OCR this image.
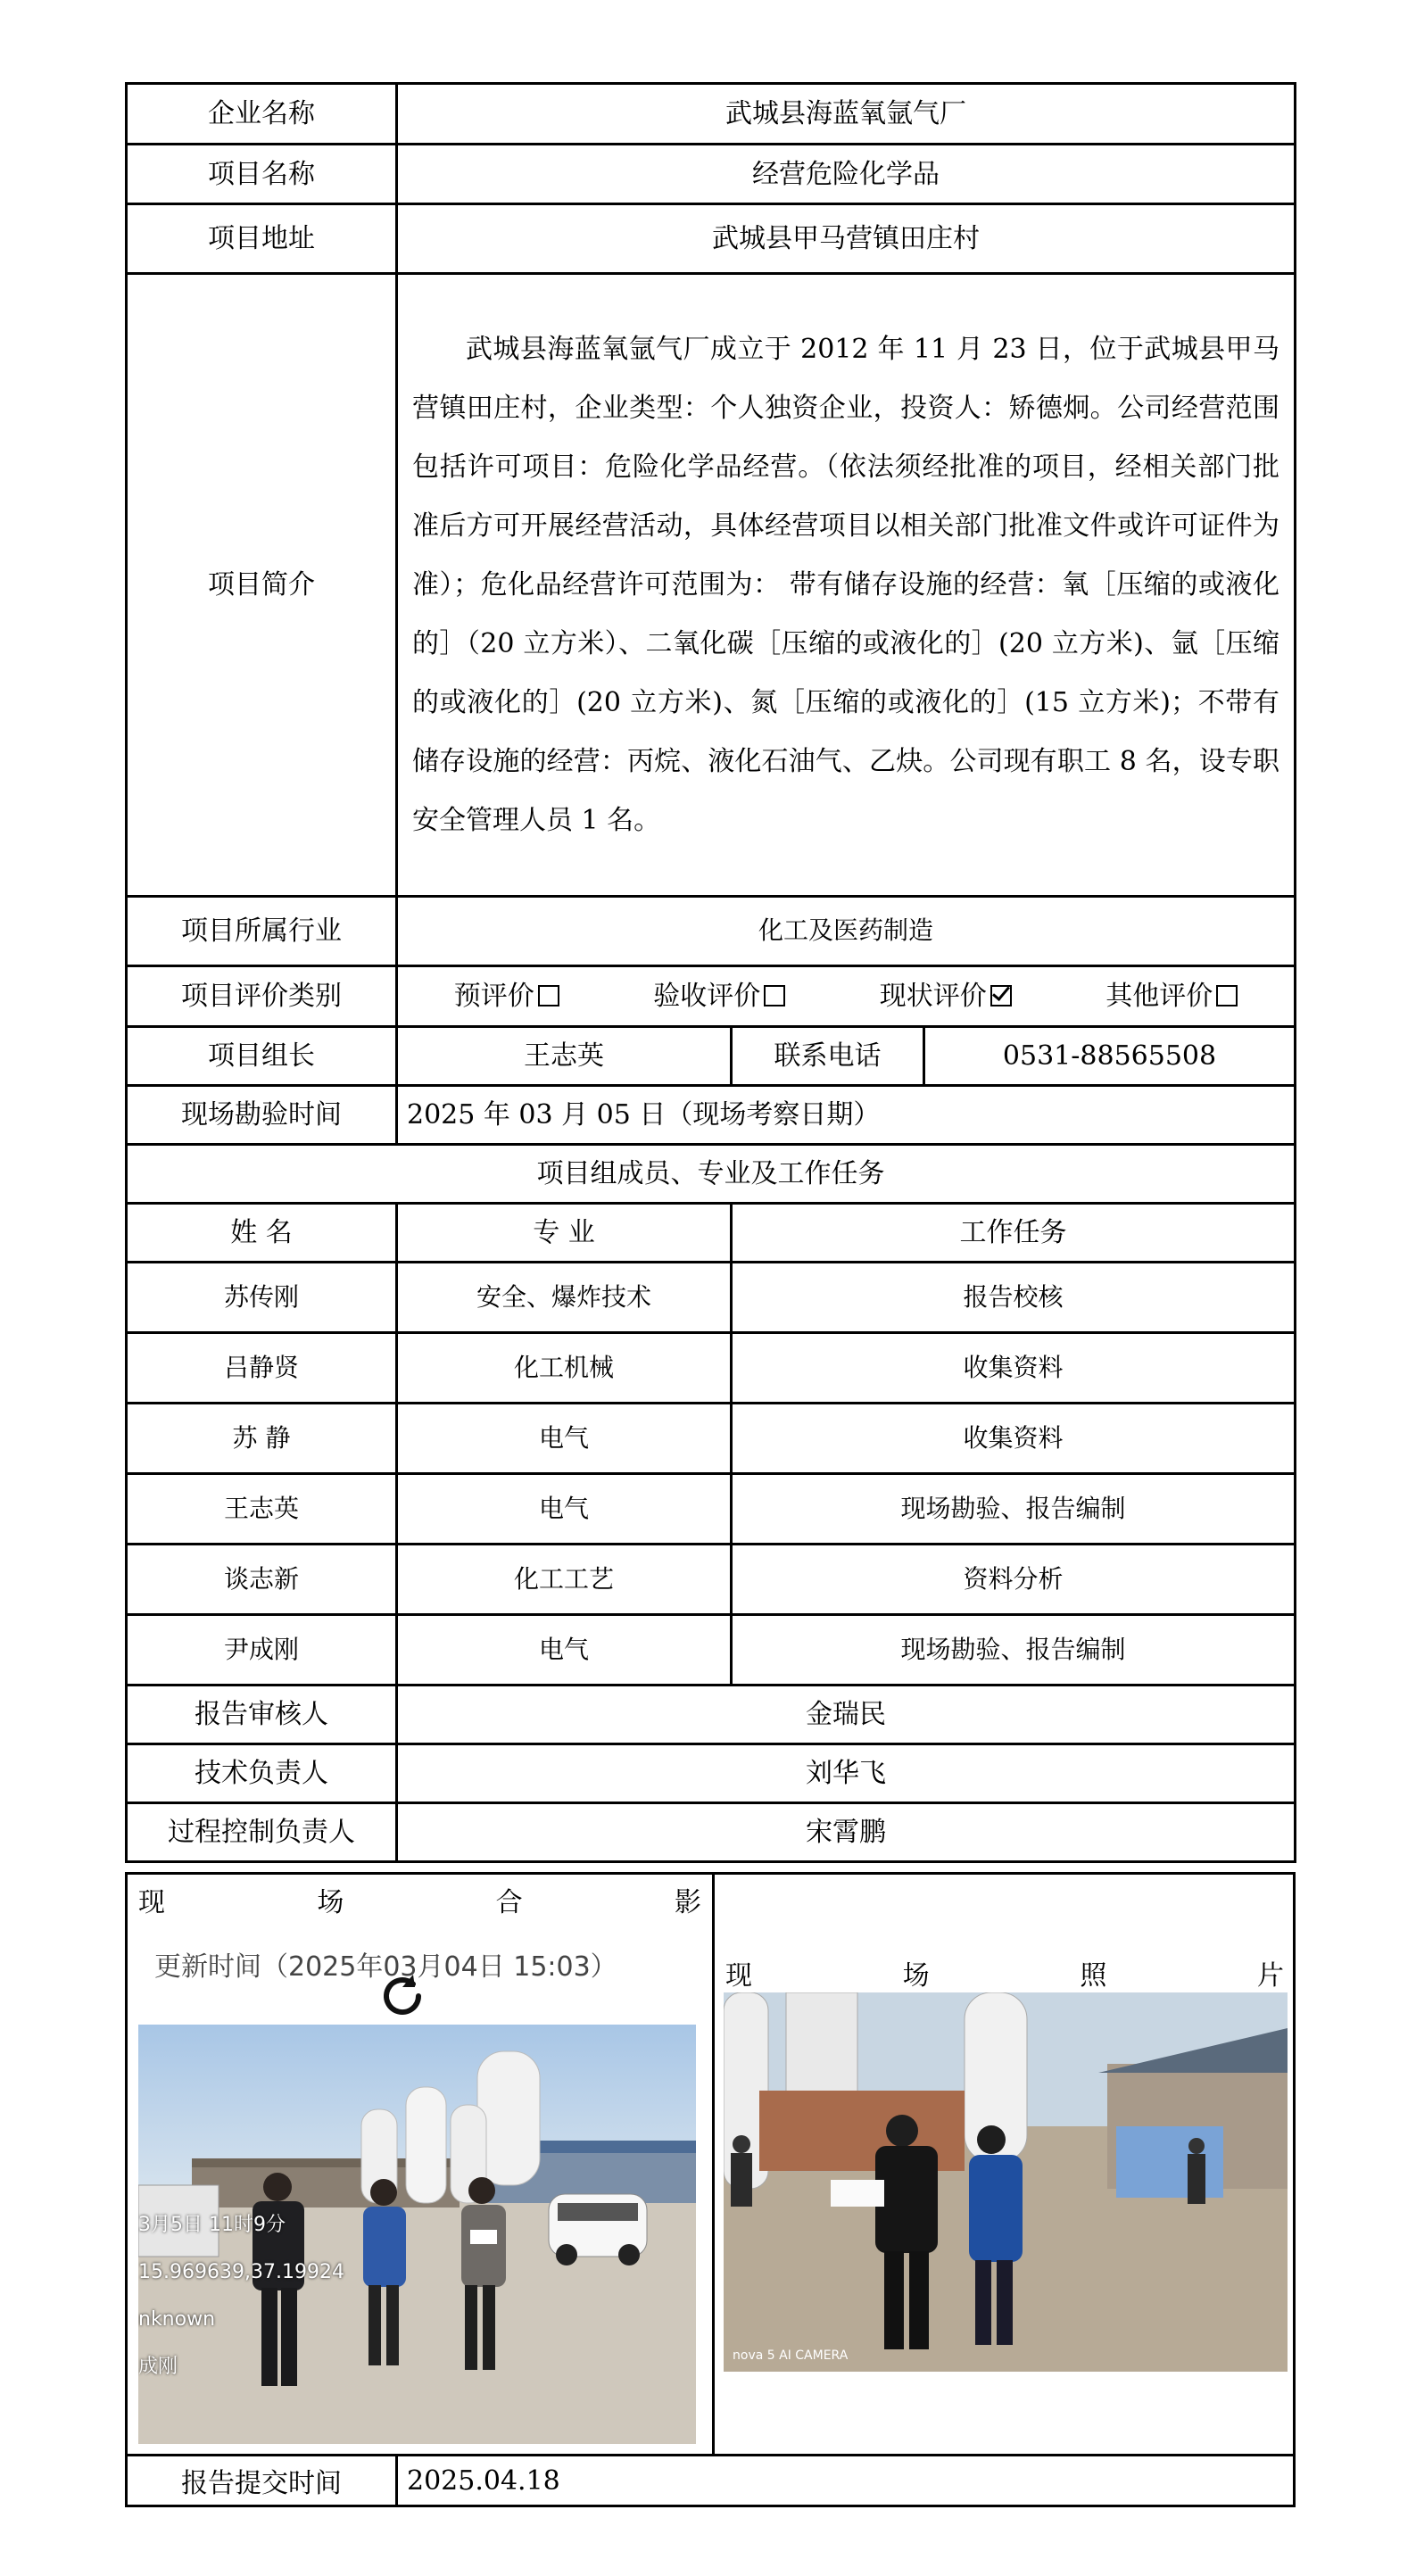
企业名称	武城县海蓝氧氩气厂		
项目名称	经营危险化学品		
项目地址	武城县甲马营镇田庄村		
项目简介	武城县海蓝氧氩气厂成立于 2012 年 11 月 23 日，位于武城县甲马营镇田庄村，企业类型：个人独资企业，投资人：矫德炯。公司经营范围包括许可项目：危险化学品经营。（依法须经批准的项目，经相关部门批准后方可开展经营活动，具体经营项目以相关部门批准文件或许可证件为准）；危化品经营许可范围为： 带有储存设施的经营：氧［压缩的或液化的］（20 立方米）、二氧化碳［压缩的或液化的］(20 立方米)、氩［压缩的或液化的］(20 立方米)、氮［压缩的或液化的］(15 立方米)；不带有储存设施的经营：丙烷、液化石油气、乙炔。公司现有职工 8 名，设专职安全管理人员 1 名。		
项目所属行业	化工及医药制造		
项目评价类别	预评价 验收评价 现状评价 其他评价		

项目组长	王志英	联系电话	0531-88565508
现场勘验时间	2025 年 03 月 05 日（现场考察日期）		
项目组成员、专业及工作任务			
姓 名	专 业	工作任务	
苏传刚	安全、爆炸技术	报告校核	
吕静贤	化工机械	收集资料	
苏 静	电气	收集资料	
王志英	电气	现场勘验、报告编制	
谈志新	化工工艺	资料分析	
尹成刚	电气	现场勘验、报告编制	
报告审核人	金瑞民		
技术负责人	刘华飞		
过程控制负责人	宋霄鹏		
现	场	合	影
更新时间（2025年03月04日 15:03）
3月5日 11时9分
15.969639,37.19924
nknown
成刚
现	场	照	片
nova 5 AI CAMERA
报告提交时间	2025.04.18
